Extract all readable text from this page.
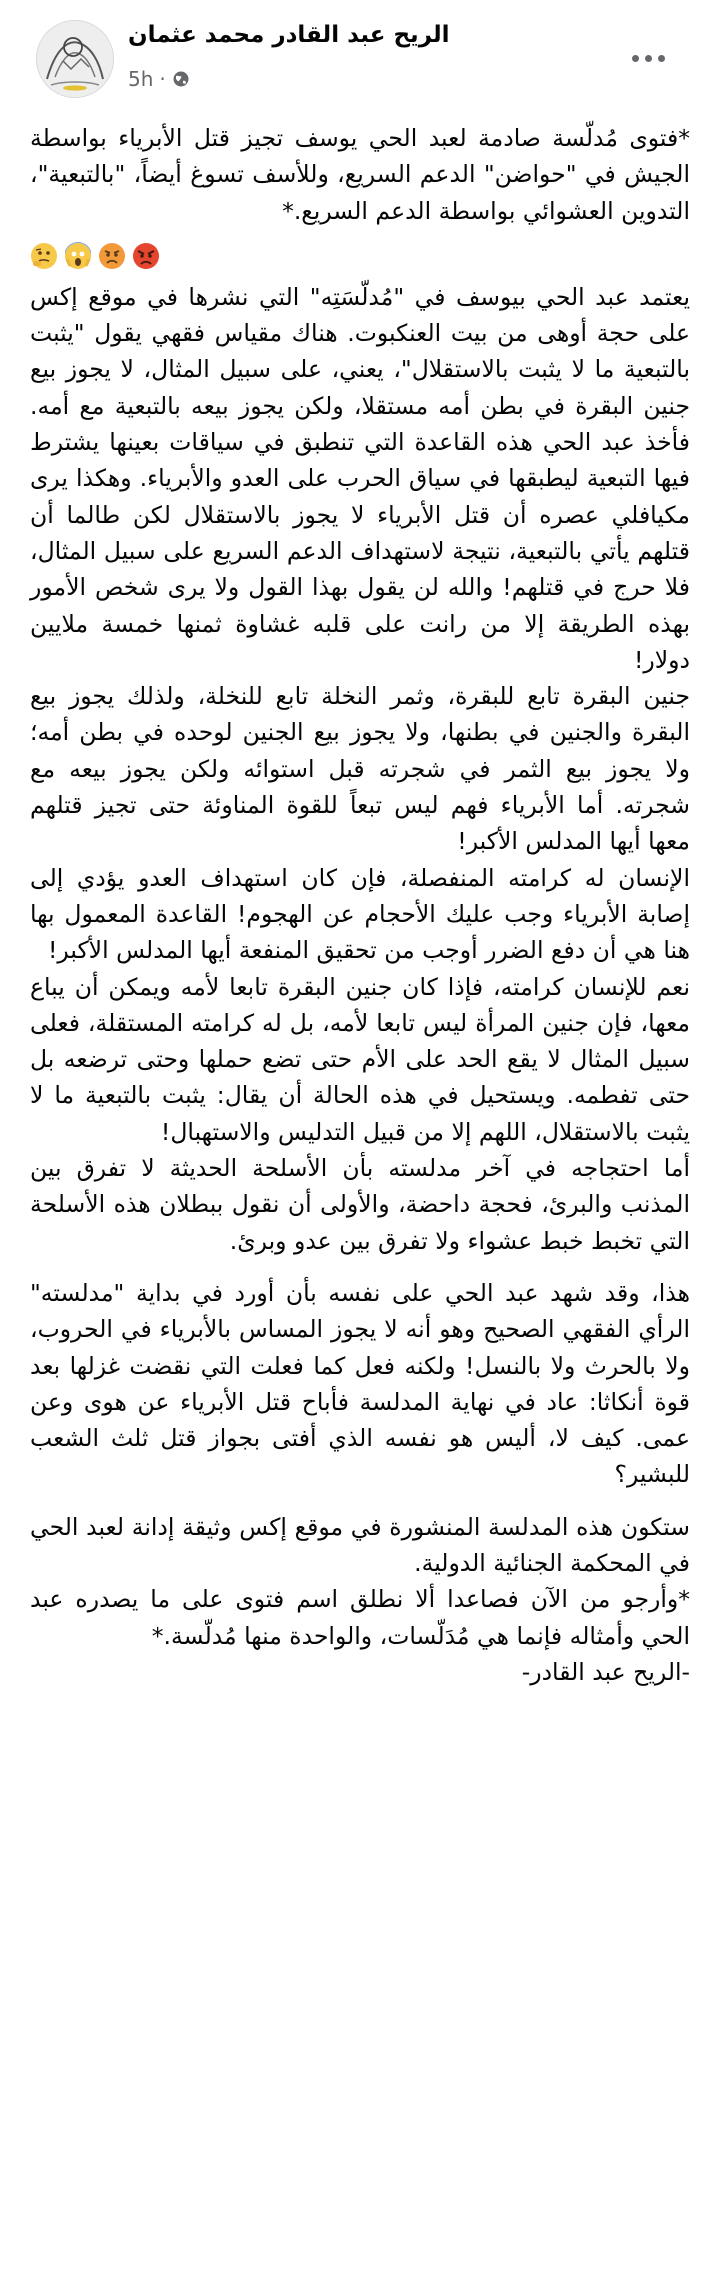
الريح عبد القادر محمد عثمان
5h ·

*فتوى مُدلّسة صادمة لعبد الحي يوسف تجيز قتل الأبرياء بواسطة الجيش في "حواضن" الدعم السريع، وللأسف تسوغ أيضاً، "بالتبعية"، التدوين العشوائي بواسطة الدعم السريع.*

يعتمد عبد الحي بيوسف في "مُدلّسَتِه" التي نشرها في موقع إكس على حجة أوهى من بيت العنكبوت. هناك مقياس فقهي يقول "يثبت بالتبعية ما لا يثبت بالاستقلال"، يعني، على سبيل المثال، لا يجوز بيع جنين البقرة في بطن أمه مستقلا، ولكن يجوز بيعه بالتبعية مع أمه. فأخذ عبد الحي هذه القاعدة التي تنطبق في سياقات بعينها يشترط فيها التبعية ليطبقها في سياق الحرب على العدو والأبرياء. وهكذا يرى مكيافلي عصره أن قتل الأبرياء لا يجوز بالاستقلال لكن طالما أن قتلهم يأتي بالتبعية، نتيجة لاستهداف الدعم السريع على سبيل المثال، فلا حرج في قتلهم! والله لن يقول بهذا القول ولا يرى شخص الأمور بهذه الطريقة إلا من رانت على قلبه غشاوة ثمنها خمسة ملايين دولار!

جنين البقرة تابع للبقرة، وثمر النخلة تابع للنخلة، ولذلك يجوز بيع البقرة والجنين في بطنها، ولا يجوز بيع الجنين لوحده في بطن أمه؛ ولا يجوز بيع الثمر في شجرته قبل استوائه ولكن يجوز بيعه مع شجرته. أما الأبرياء فهم ليس تبعاً للقوة المناوئة حتى تجيز قتلهم معها أيها المدلس الأكبر!

الإنسان له كرامته المنفصلة، فإن كان استهداف العدو يؤدي إلى إصابة الأبرياء وجب عليك الأحجام عن الهجوم! القاعدة المعمول بها هنا هي أن دفع الضرر أوجب من تحقيق المنفعة أيها المدلس الأكبر!

نعم للإنسان كرامته، فإذا كان جنين البقرة تابعا لأمه ويمكن أن يباع معها، فإن جنين المرأة ليس تابعا لأمه، بل له كرامته المستقلة، فعلى سبيل المثال لا يقع الحد على الأم حتى تضع حملها وحتى ترضعه بل حتى تفطمه. ويستحيل في هذه الحالة أن يقال: يثبت بالتبعية ما لا يثبت بالاستقلال، اللهم إلا من قبيل التدليس والاستهبال!

أما احتجاجه في آخر مدلسته بأن الأسلحة الحديثة لا تفرق بين المذنب والبرئ، فحجة داحضة، والأولى أن نقول ببطلان هذه الأسلحة التي تخبط خبط عشواء ولا تفرق بين عدو وبرئ.

هذا، وقد شهد عبد الحي على نفسه بأن أورد في بداية "مدلسته" الرأي الفقهي الصحيح وهو أنه لا يجوز المساس بالأبرياء في الحروب، ولا بالحرث ولا بالنسل! ولكنه فعل كما فعلت التي نقضت غزلها بعد قوة أنكاثا: عاد في نهاية المدلسة فأباح قتل الأبرياء عن هوى وعن عمى. كيف لا، أليس هو نفسه الذي أفتى بجواز قتل ثلث الشعب للبشير؟

ستكون هذه المدلسة المنشورة في موقع إكس وثيقة إدانة لعبد الحي في المحكمة الجنائية الدولية.

*وأرجو من الآن فصاعدا ألا نطلق اسم فتوى على ما يصدره عبد الحي وأمثاله فإنما هي مُدَلّسات، والواحدة منها مُدلّسة.*

-الريح عبد القادر-
